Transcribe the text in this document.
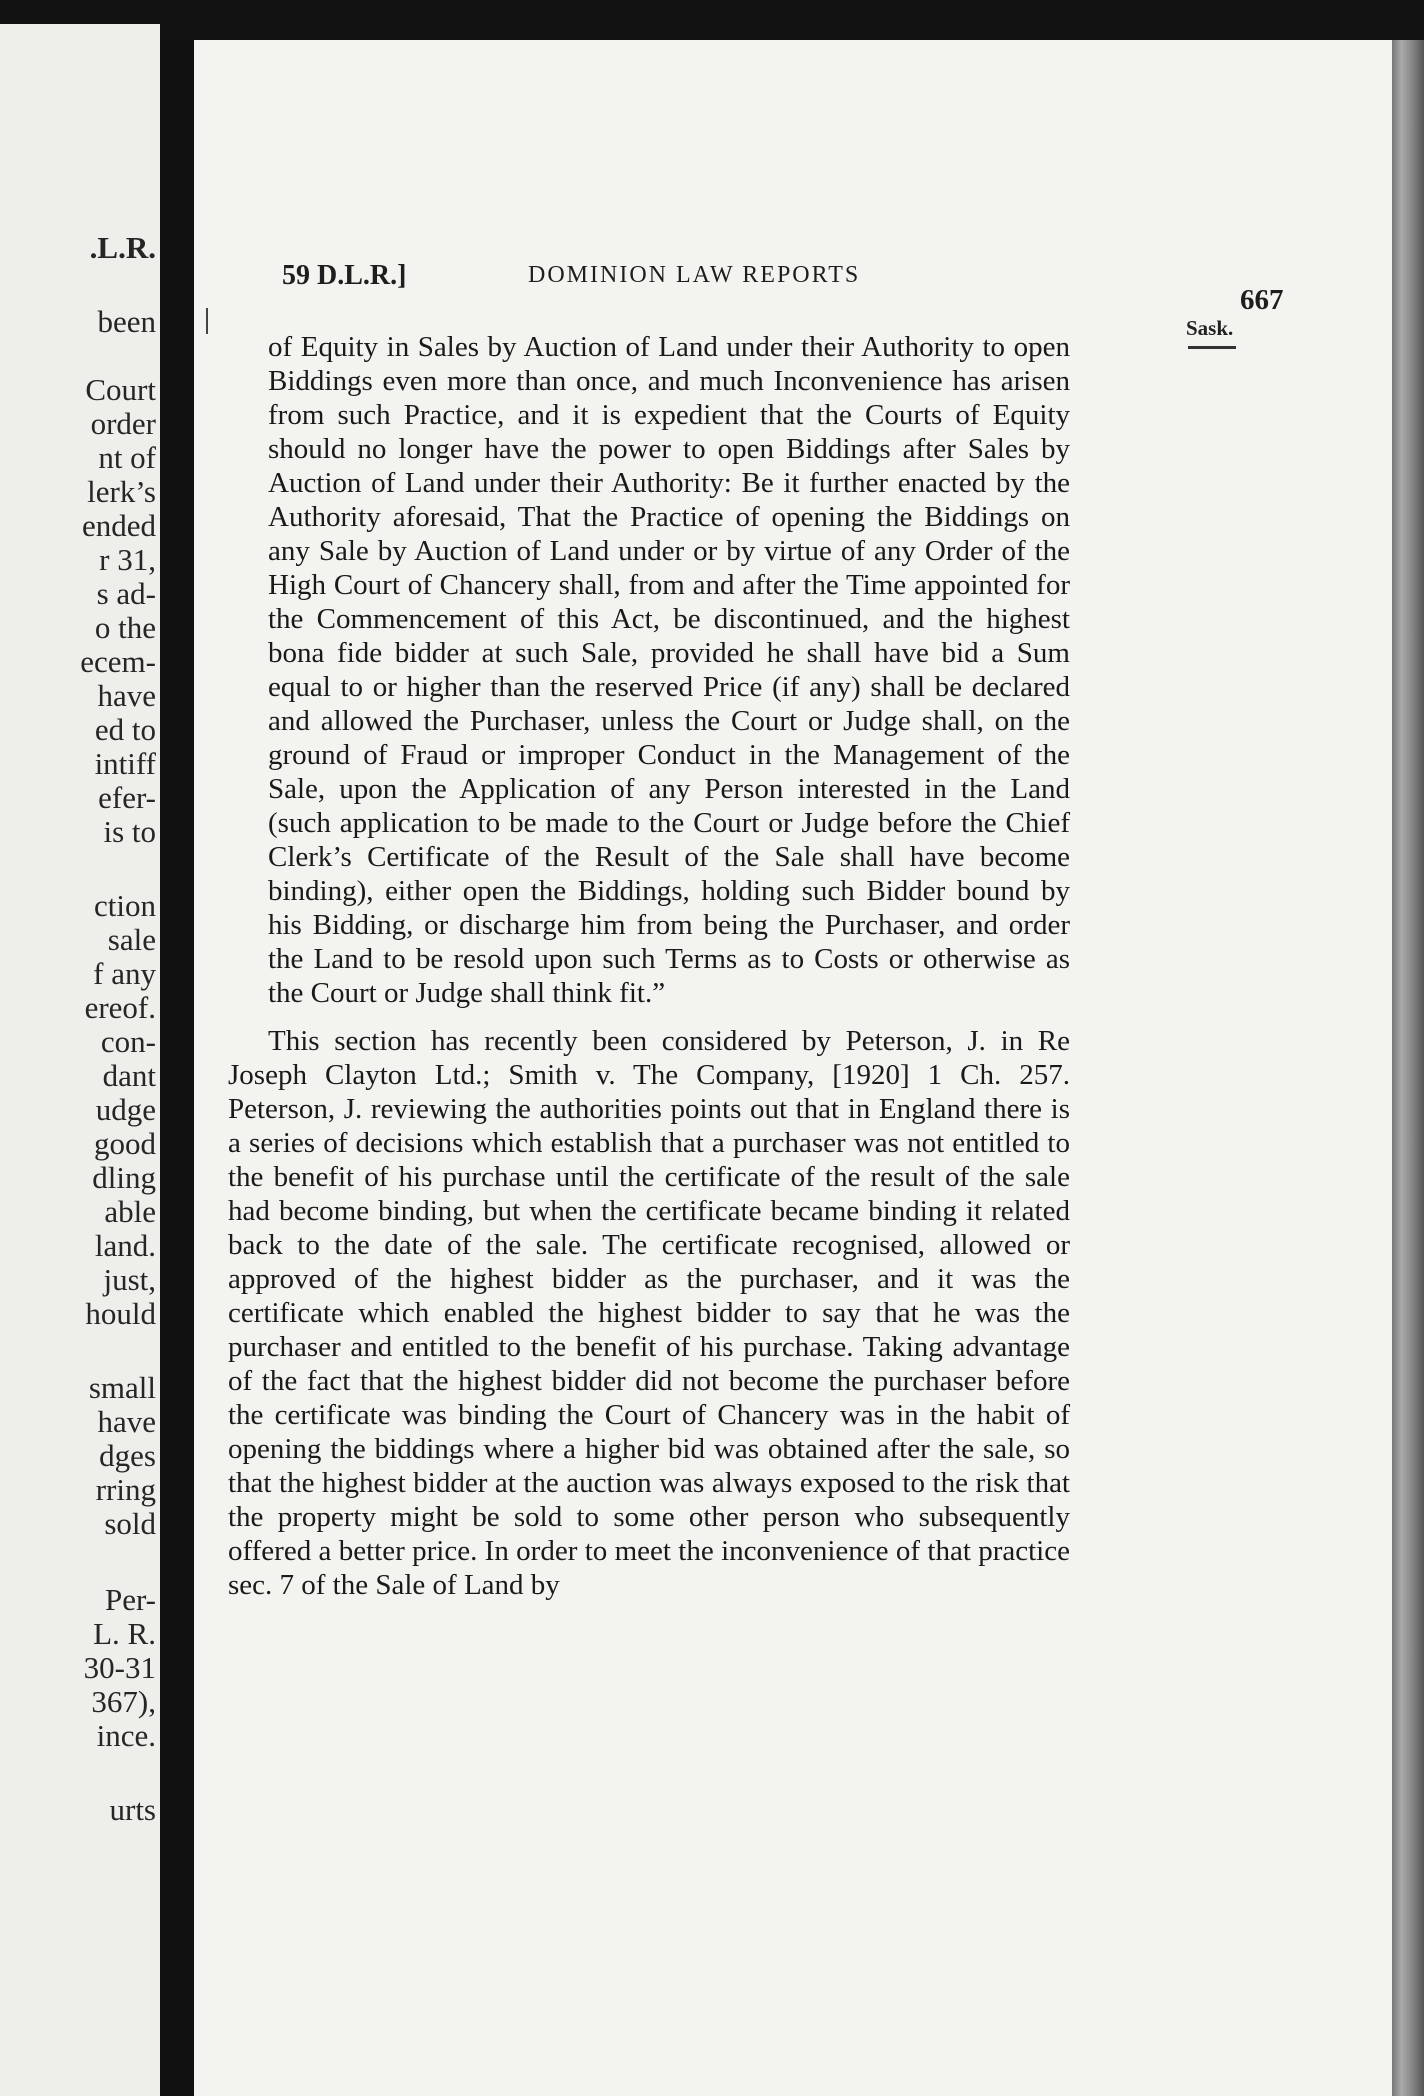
.L.R.
been
Court
order
nt of
lerk’s
ended
r 31,
s ad-
o the
ecem-
have
ed to
intiff
efer-
is to
ction
sale
f any
ereof.
con-
dant
udge
good
dling
able
land.
just,
hould
small
have
dges
rring
sold
Per-
L. R.
30-31
367),
ince.
urts
59 D.L.R.]	DOMINION LAW REPORTS
667
Sask.

of Equity in Sales by Auction of Land under their Authority to open Biddings even more than once, and much Inconvenience has arisen from such Practice, and it is expedient that the Courts of Equity should no longer have the power to open Biddings after Sales by Auction of Land under their Authority: Be it further enacted by the Authority aforesaid, That the Practice of opening the Biddings on any Sale by Auction of Land under or by virtue of any Order of the High Court of Chancery shall, from and after the Time appointed for the Commencement of this Act, be discontinued, and the highest bona fide bidder at such Sale, provided he shall have bid a Sum equal to or higher than the reserved Price (if any) shall be declared and allowed the Purchaser, unless the Court or Judge shall, on the ground of Fraud or improper Conduct in the Management of the Sale, upon the Application of any Person interested in the Land (such application to be made to the Court or Judge before the Chief Clerk’s Certificate of the Result of the Sale shall have become binding), either open the Biddings, holding such Bidder bound by his Bidding, or discharge him from being the Purchaser, and order the Land to be resold upon such Terms as to Costs or otherwise as the Court or Judge shall think fit.”

This section has recently been considered by Peterson, J. in Re Joseph Clayton Ltd.; Smith v. The Company, [1920] 1 Ch. 257. Peterson, J. reviewing the authorities points out that in England there is a series of decisions which establish that a purchaser was not entitled to the benefit of his purchase until the certificate of the result of the sale had become binding, but when the certificate became binding it related back to the date of the sale. The certificate recognised, allowed or approved of the highest bidder as the purchaser, and it was the certificate which enabled the highest bidder to say that he was the purchaser and entitled to the benefit of his purchase. Taking advantage of the fact that the highest bidder did not become the purchaser before the certificate was binding the Court of Chancery was in the habit of opening the biddings where a higher bid was obtained after the sale, so that the highest bidder at the auction was always exposed to the risk that the property might be sold to some other person who subsequently offered a better price. In order to meet the inconvenience of that practice sec. 7 of the Sale of Land by
